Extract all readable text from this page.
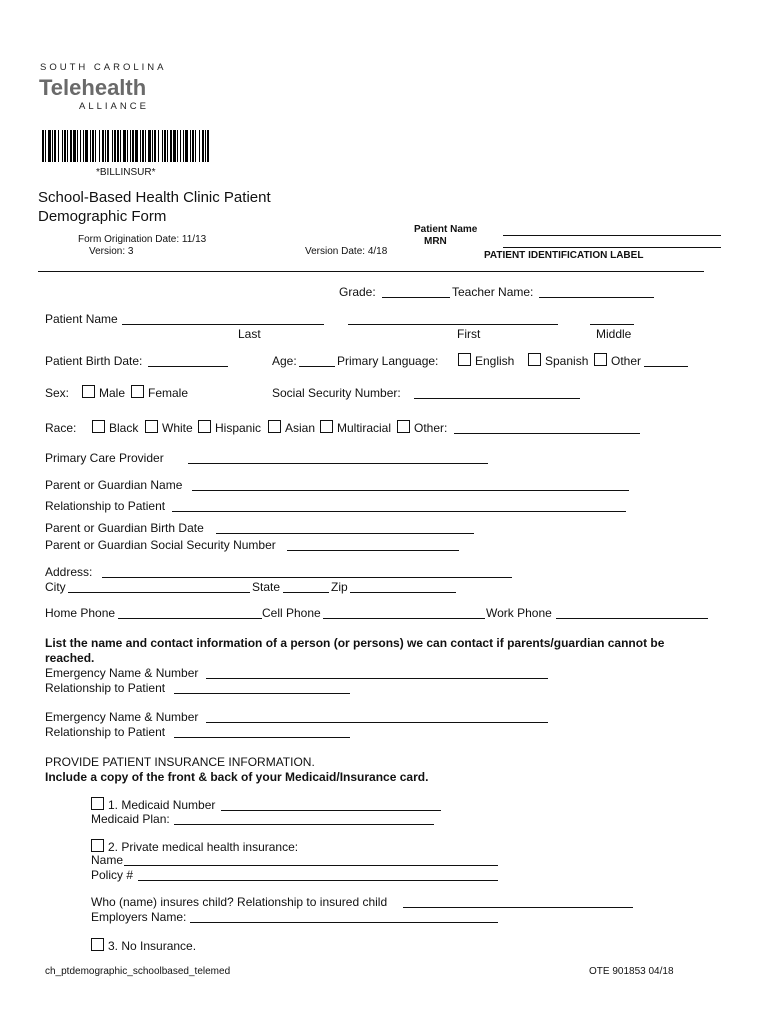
SOUTH CAROLINA
Telehealth
ALLIANCE
*BILLINSUR*
School-Based Health Clinic Patient
Demographic Form
Form Origination Date: 11/13
Version: 3	Version Date: 4/18
Patient Name
MRN
PATIENT IDENTIFICATION LABEL
Grade:	Teacher Name:
Patient Name
Last	First	Middle
Patient Birth Date:	Age:	Primary Language:	English	Spanish	Other
Sex:	Male	Female	Social Security Number:
Race:	Black	White	Hispanic	Asian	Multiracial	Other:
Primary Care Provider
Parent or Guardian Name
Relationship to Patient
Parent or Guardian Birth Date
Parent or Guardian Social Security Number
Address:
City	State	Zip
Home Phone	Cell Phone	Work Phone
List the name and contact information of a person (or persons) we can contact if parents/guardian cannot be
reached.
Emergency Name & Number
Relationship to Patient
Emergency Name & Number
Relationship to Patient
PROVIDE PATIENT INSURANCE INFORMATION.
Include a copy of the front & back of your Medicaid/Insurance card.
1. Medicaid Number
Medicaid Plan:
2. Private medical health insurance:
Name
Policy #
Who (name) insures child? Relationship to insured child
Employers Name:
3. No Insurance.
ch_ptdemographic_schoolbased_telemed	OTE 901853 04/18
